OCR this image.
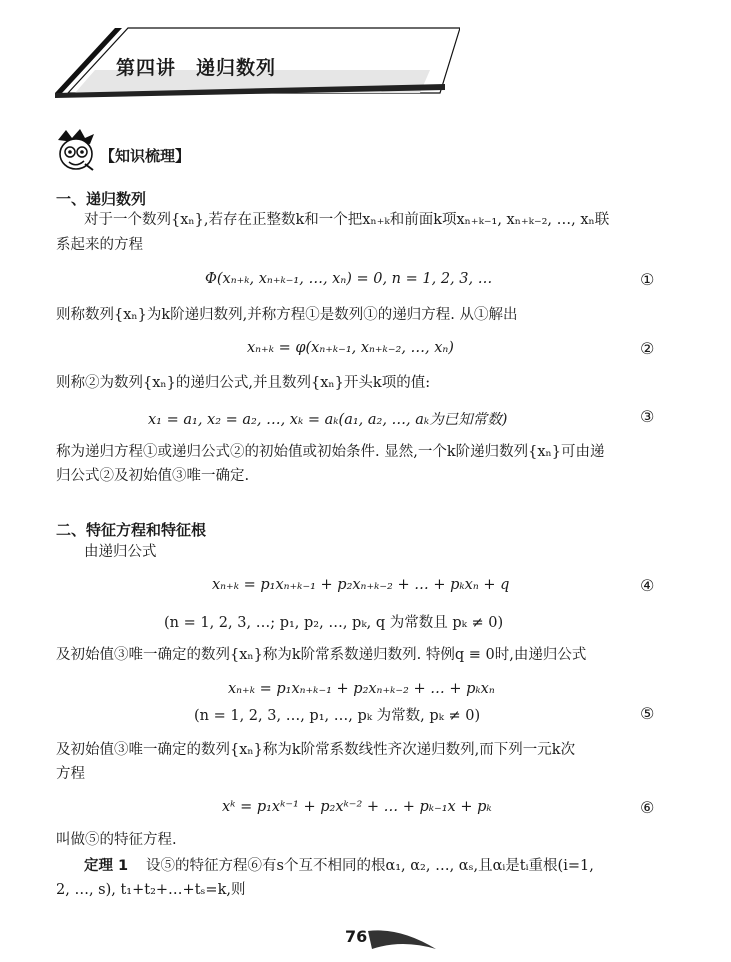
第四讲　递归数列
【知识梳理】
一、递归数列
对于一个数列{xₙ},若存在正整数k和一个把xₙ₊ₖ和前面k项xₙ₊ₖ₋₁, xₙ₊ₖ₋₂, …, xₙ联
系起来的方程
Φ(xₙ₊ₖ, xₙ₊ₖ₋₁, …, xₙ) = 0, n = 1, 2, 3, …	①
则称数列{xₙ}为k阶递归数列,并称方程①是数列①的递归方程. 从①解出
xₙ₊ₖ = φ(xₙ₊ₖ₋₁, xₙ₊ₖ₋₂, …, xₙ)	②
则称②为数列{xₙ}的递归公式,并且数列{xₙ}开头k项的值:
x₁ = a₁, x₂ = a₂, …, xₖ = aₖ(a₁, a₂, …, aₖ为已知常数)	③
称为递归方程①或递归公式②的初始值或初始条件. 显然,一个k阶递归数列{xₙ}可由递
归公式②及初始值③唯一确定.
二、特征方程和特征根
由递归公式
xₙ₊ₖ = p₁xₙ₊ₖ₋₁ + p₂xₙ₊ₖ₋₂ + … + pₖxₙ + q	④
(n = 1, 2, 3, …; p₁, p₂, …, pₖ, q 为常数且 pₖ ≠ 0)
及初始值③唯一确定的数列{xₙ}称为k阶常系数递归数列. 特例q ≡ 0时,由递归公式
xₙ₊ₖ = p₁xₙ₊ₖ₋₁ + p₂xₙ₊ₖ₋₂ + … + pₖxₙ
(n = 1, 2, 3, …, p₁, …, pₖ 为常数, pₖ ≠ 0)	⑤
及初始值③唯一确定的数列{xₙ}称为k阶常系数线性齐次递归数列,而下列一元k次
方程
xᵏ = p₁xᵏ⁻¹ + p₂xᵏ⁻² + … + pₖ₋₁x + pₖ	⑥
叫做⑤的特征方程.
定理 1 设⑤的特征方程⑥有s个互不相同的根α₁, α₂, …, αₛ,且αᵢ是tᵢ重根(i=1,
2, …, s), t₁+t₂+…+tₛ=k,则
76
